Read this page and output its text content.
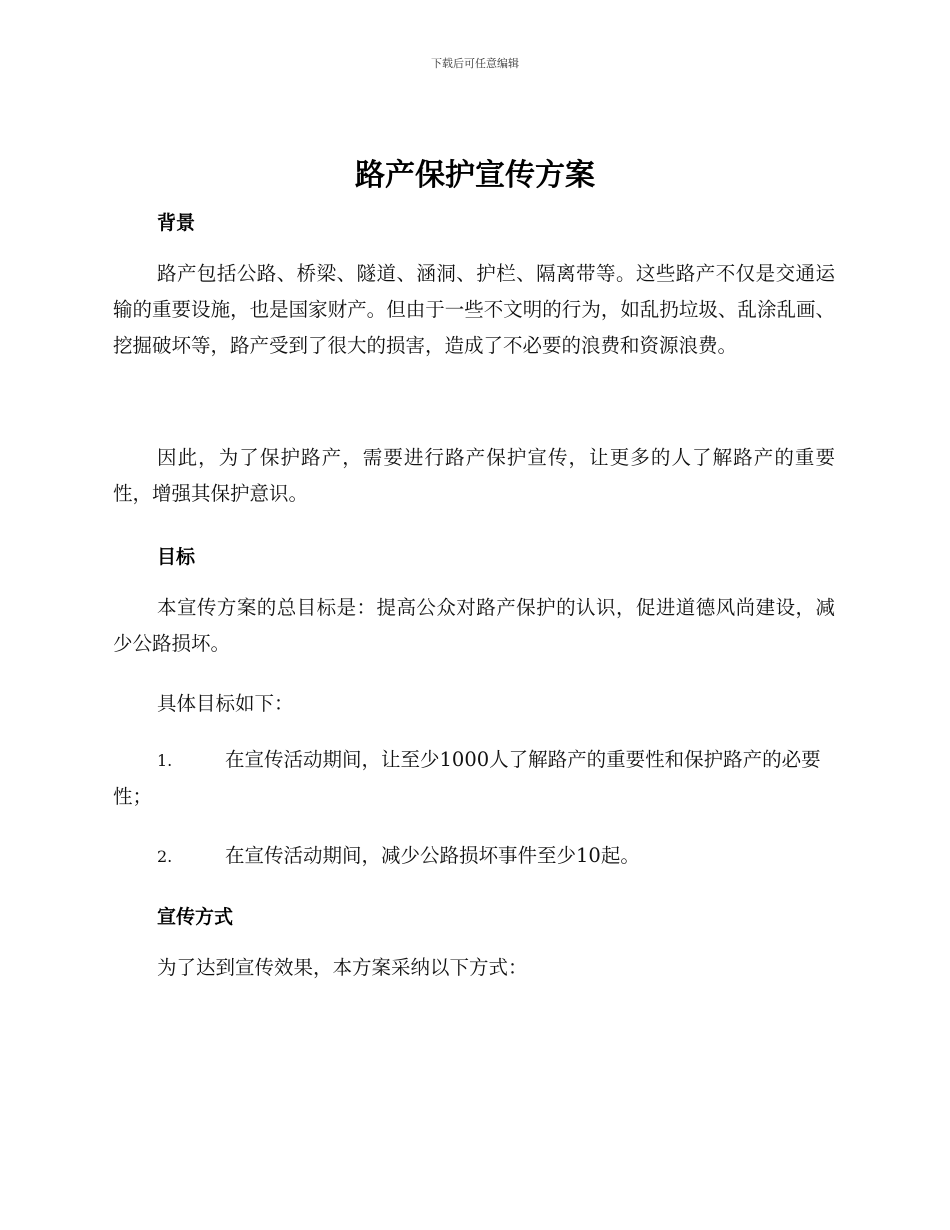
下载后可任意编辑
路产保护宣传方案
背景

路产包括公路、桥梁、隧道、涵洞、护栏、隔离带等。这些路产不仅是交通运输的重要设施，也是国家财产。但由于一些不文明的行为，如乱扔垃圾、乱涂乱画、挖掘破坏等，路产受到了很大的损害，造成了不必要的浪费和资源浪费。

因此，为了保护路产，需要进行路产保护宣传，让更多的人了解路产的重要性，增强其保护意识。

目标

本宣传方案的总目标是：提高公众对路产保护的认识，促进道德风尚建设，减少公路损坏。

具体目标如下：

1.	在宣传活动期间，让至少1000人了解路产的重要性和保护路产的必要性；
2.	在宣传活动期间，减少公路损坏事件至少10起。
宣传方式

为了达到宣传效果，本方案采纳以下方式：
